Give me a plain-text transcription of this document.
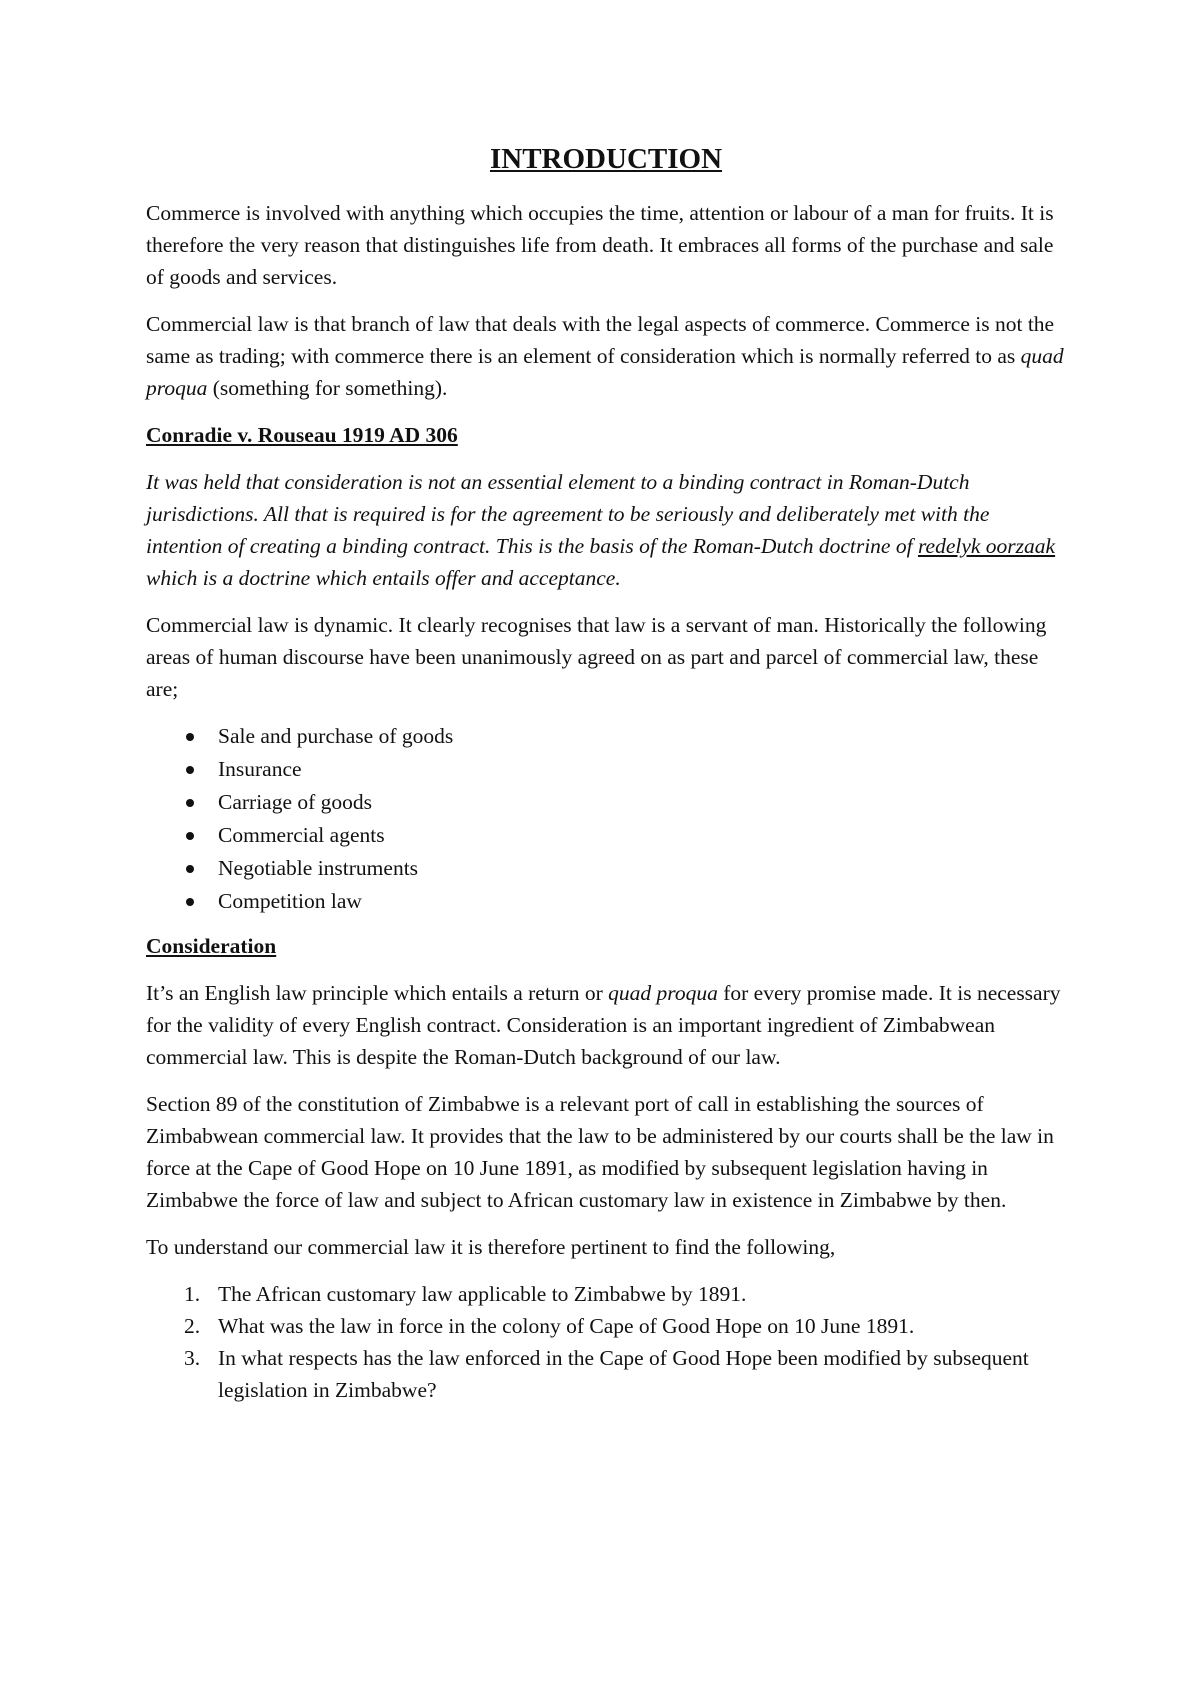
INTRODUCTION

Commerce is involved with anything which occupies the time, attention or labour of a man for fruits. It is therefore the very reason that distinguishes life from death. It embraces all forms of the purchase and sale of goods and services.

Commercial law is that branch of law that deals with the legal aspects of commerce. Commerce is not the same as trading; with commerce there is an element of consideration which is normally referred to as quad proqua (something for something).

Conradie v. Rouseau 1919 AD 306

It was held that consideration is not an essential element to a binding contract in Roman-Dutch jurisdictions. All that is required is for the agreement to be seriously and deliberately met with the intention of creating a binding contract. This is the basis of the Roman-Dutch doctrine of redelyk oorzaak which is a doctrine which entails offer and acceptance.

Commercial law is dynamic. It clearly recognises that law is a servant of man. Historically the following areas of human discourse have been unanimously agreed on as part and parcel of commercial law, these are;

Sale and purchase of goods
Insurance
Carriage of goods
Commercial agents
Negotiable instruments
Competition law

Consideration

It’s an English law principle which entails a return or quad proqua for every promise made. It is necessary for the validity of every English contract. Consideration is an important ingredient of Zimbabwean commercial law. This is despite the Roman-Dutch background of our law.

Section 89 of the constitution of Zimbabwe is a relevant port of call in establishing the sources of Zimbabwean commercial law. It provides that the law to be administered by our courts shall be the law in force at the Cape of Good Hope on 10 June 1891, as modified by subsequent legislation having in Zimbabwe the force of law and subject to African customary law in existence in Zimbabwe by then.

To understand our commercial law it is therefore pertinent to find the following,

1. The African customary law applicable to Zimbabwe by 1891.
2. What was the law in force in the colony of Cape of Good Hope on 10 June 1891.
3. In what respects has the law enforced in the Cape of Good Hope been modified by subsequent legislation in Zimbabwe?
